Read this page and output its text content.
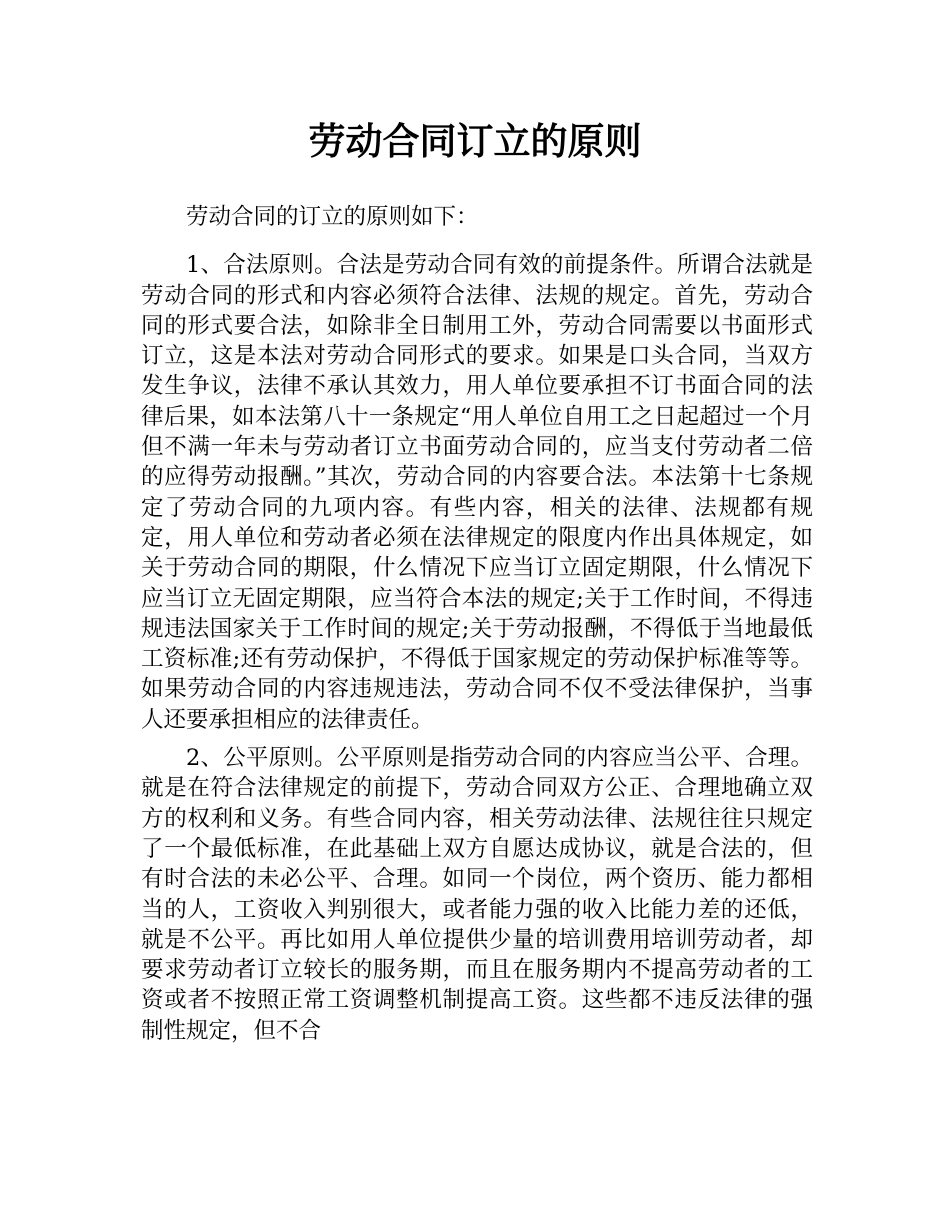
劳动合同订立的原则

劳动合同的订立的原则如下：

1、合法原则。合法是劳动合同有效的前提条件。所谓合法就是劳动合同的形式和内容必须符合法律、法规的规定。首先，劳动合同的形式要合法，如除非全日制用工外，劳动合同需要以书面形式订立，这是本法对劳动合同形式的要求。如果是口头合同，当双方发生争议，法律不承认其效力，用人单位要承担不订书面合同的法律后果，如本法第八十一条规定“用人单位自用工之日起超过一个月但不满一年未与劳动者订立书面劳动合同的，应当支付劳动者二倍的应得劳动报酬。”其次，劳动合同的内容要合法。本法第十七条规定了劳动合同的九项内容。有些内容，相关的法律、法规都有规定，用人单位和劳动者必须在法律规定的限度内作出具体规定，如关于劳动合同的期限，什么情况下应当订立固定期限，什么情况下应当订立无固定期限，应当符合本法的规定;关于工作时间，不得违规违法国家关于工作时间的规定;关于劳动报酬，不得低于当地最低工资标准;还有劳动保护，不得低于国家规定的劳动保护标准等等。如果劳动合同的内容违规违法，劳动合同不仅不受法律保护，当事人还要承担相应的法律责任。

2、公平原则。公平原则是指劳动合同的内容应当公平、合理。就是在符合法律规定的前提下，劳动合同双方公正、合理地确立双方的权利和义务。有些合同内容，相关劳动法律、法规往往只规定了一个最低标准，在此基础上双方自愿达成协议，就是合法的，但有时合法的未必公平、合理。如同一个岗位，两个资历、能力都相当的人，工资收入判别很大，或者能力强的收入比能力差的还低，就是不公平。再比如用人单位提供少量的培训费用培训劳动者，却要求劳动者订立较长的服务期，而且在服务期内不提高劳动者的工资或者不按照正常工资调整机制提高工资。这些都不违反法律的强制性规定，但不合
